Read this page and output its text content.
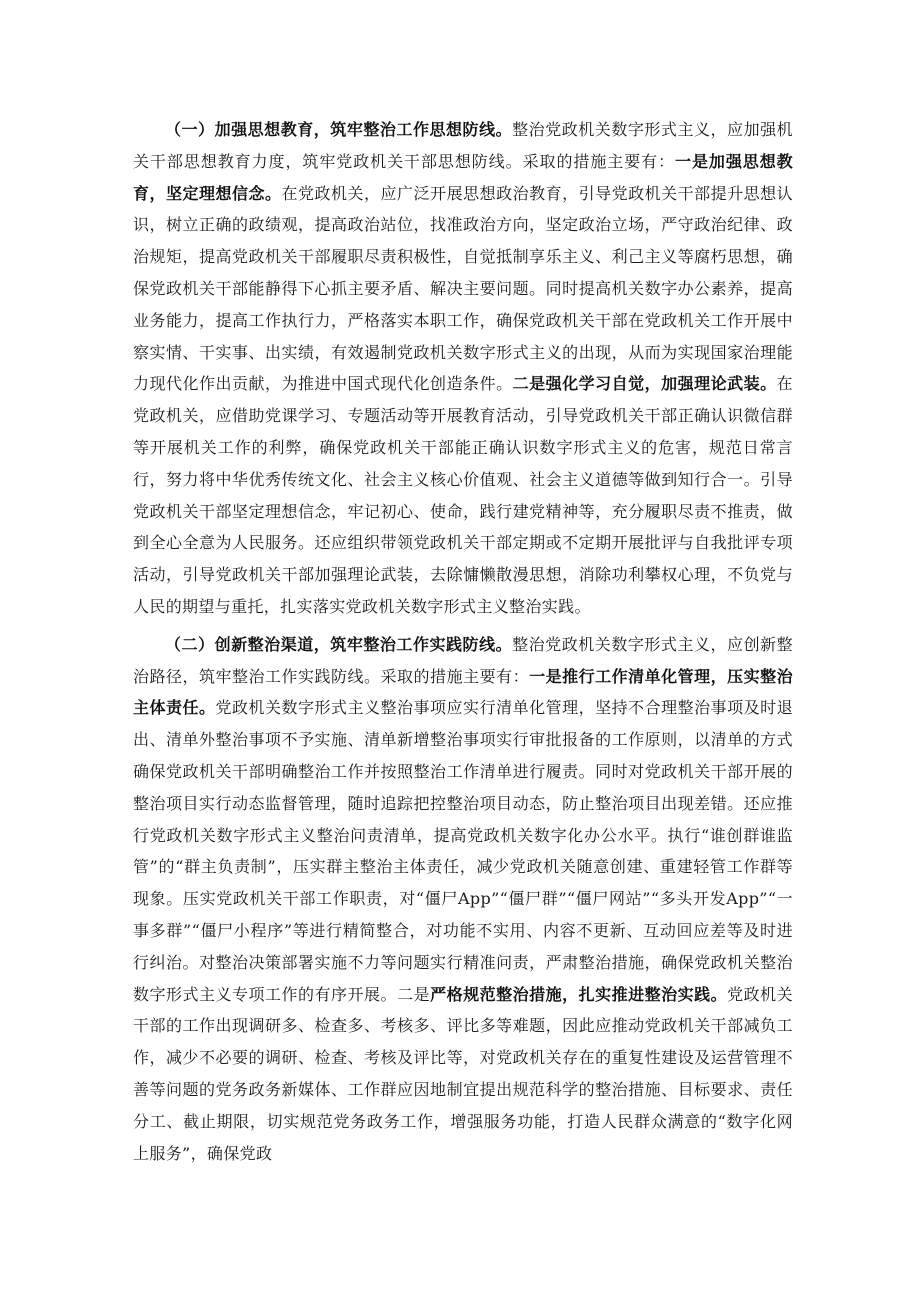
（一）加强思想教育，筑牢整治工作思想防线。整治党政机关数字形式主义，应加强机关干部思想教育力度，筑牢党政机关干部思想防线。采取的措施主要有：一是加强思想教育，坚定理想信念。在党政机关，应广泛开展思想政治教育，引导党政机关干部提升思想认识，树立正确的政绩观，提高政治站位，找准政治方向，坚定政治立场，严守政治纪律、政治规矩，提高党政机关干部履职尽责积极性，自觉抵制享乐主义、利己主义等腐朽思想，确保党政机关干部能静得下心抓主要矛盾、解决主要问题。同时提高机关数字办公素养，提高业务能力，提高工作执行力，严格落实本职工作，确保党政机关干部在党政机关工作开展中察实情、干实事、出实绩，有效遏制党政机关数字形式主义的出现，从而为实现国家治理能力现代化作出贡献，为推进中国式现代化创造条件。二是强化学习自觉，加强理论武装。在党政机关，应借助党课学习、专题活动等开展教育活动，引导党政机关干部正确认识微信群等开展机关工作的利弊，确保党政机关干部能正确认识数字形式主义的危害，规范日常言行，努力将中华优秀传统文化、社会主义核心价值观、社会主义道德等做到知行合一。引导党政机关干部坚定理想信念，牢记初心、使命，践行建党精神等，充分履职尽责不推责，做到全心全意为人民服务。还应组织带领党政机关干部定期或不定期开展批评与自我批评专项活动，引导党政机关干部加强理论武装，去除慵懒散漫思想，消除功利攀权心理，不负党与人民的期望与重托，扎实落实党政机关数字形式主义整治实践。

（二）创新整治渠道，筑牢整治工作实践防线。整治党政机关数字形式主义，应创新整治路径，筑牢整治工作实践防线。采取的措施主要有：一是推行工作清单化管理，压实整治主体责任。党政机关数字形式主义整治事项应实行清单化管理，坚持不合理整治事项及时退出、清单外整治事项不予实施、清单新增整治事项实行审批报备的工作原则，以清单的方式确保党政机关干部明确整治工作并按照整治工作清单进行履责。同时对党政机关干部开展的整治项目实行动态监督管理，随时追踪把控整治项目动态，防止整治项目出现差错。还应推行党政机关数字形式主义整治问责清单，提高党政机关数字化办公水平。执行“谁创群谁监管”的“群主负责制”，压实群主整治主体责任，减少党政机关随意创建、重建轻管工作群等现象。压实党政机关干部工作职责，对“僵尸App”“僵尸群”“僵尸网站”“多头开发App”“一事多群”“僵尸小程序”等进行精简整合，对功能不实用、内容不更新、互动回应差等及时进行纠治。对整治决策部署实施不力等问题实行精准问责，严肃整治措施，确保党政机关整治数字形式主义专项工作的有序开展。二是严格规范整治措施，扎实推进整治实践。党政机关干部的工作出现调研多、检查多、考核多、评比多等难题，因此应推动党政机关干部减负工作，减少不必要的调研、检查、考核及评比等，对党政机关存在的重复性建设及运营管理不善等问题的党务政务新媒体、工作群应因地制宜提出规范科学的整治措施、目标要求、责任分工、截止期限，切实规范党务政务工作，增强服务功能，打造人民群众满意的“数字化网上服务”，确保党政
